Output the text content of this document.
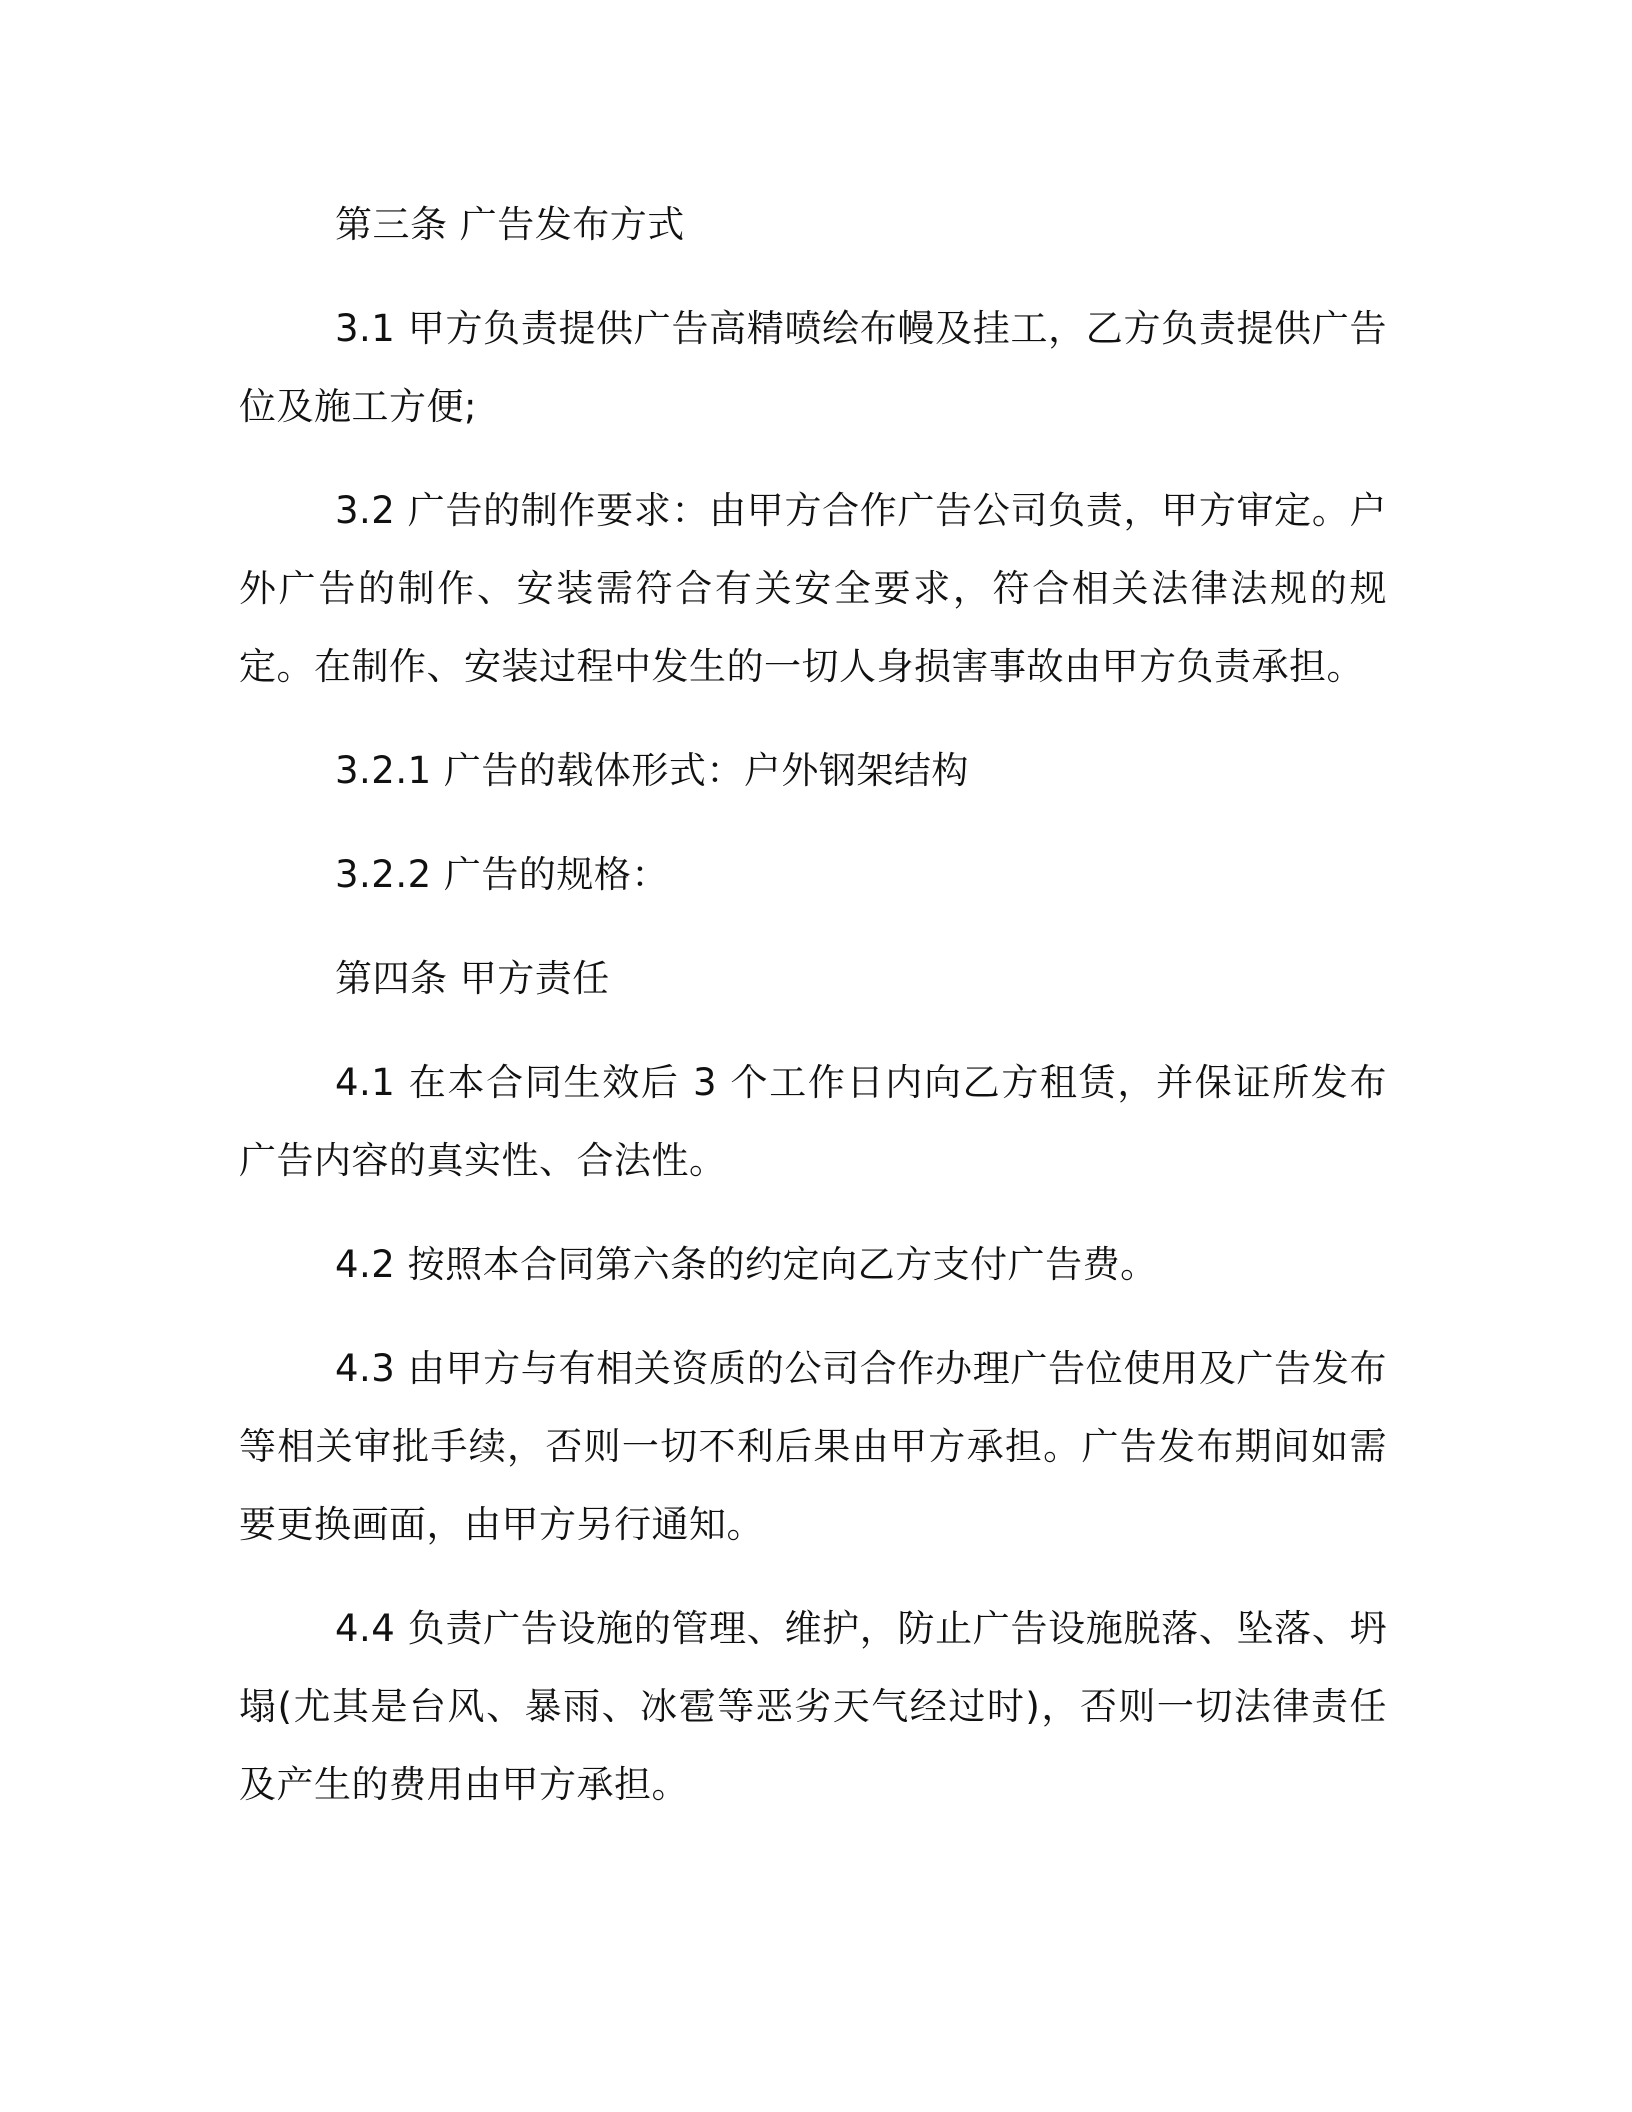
第三条 广告发布方式

3.1 甲方负责提供广告高精喷绘布幔及挂工，乙方负责提供广告位及施工方便;

3.2 广告的制作要求：由甲方合作广告公司负责，甲方审定。户外广告的制作、安装需符合有关安全要求，符合相关法律法规的规定。在制作、安装过程中发生的一切人身损害事故由甲方负责承担。

3.2.1 广告的载体形式：户外钢架结构

3.2.2 广告的规格：

第四条 甲方责任

4.1 在本合同生效后 3 个工作日内向乙方租赁，并保证所发布广告内容的真实性、合法性。

4.2 按照本合同第六条的约定向乙方支付广告费。

4.3 由甲方与有相关资质的公司合作办理广告位使用及广告发布等相关审批手续，否则一切不利后果由甲方承担。广告发布期间如需要更换画面，由甲方另行通知。

4.4 负责广告设施的管理、维护，防止广告设施脱落、坠落、坍塌(尤其是台风、暴雨、冰雹等恶劣天气经过时)，否则一切法律责任及产生的费用由甲方承担。
